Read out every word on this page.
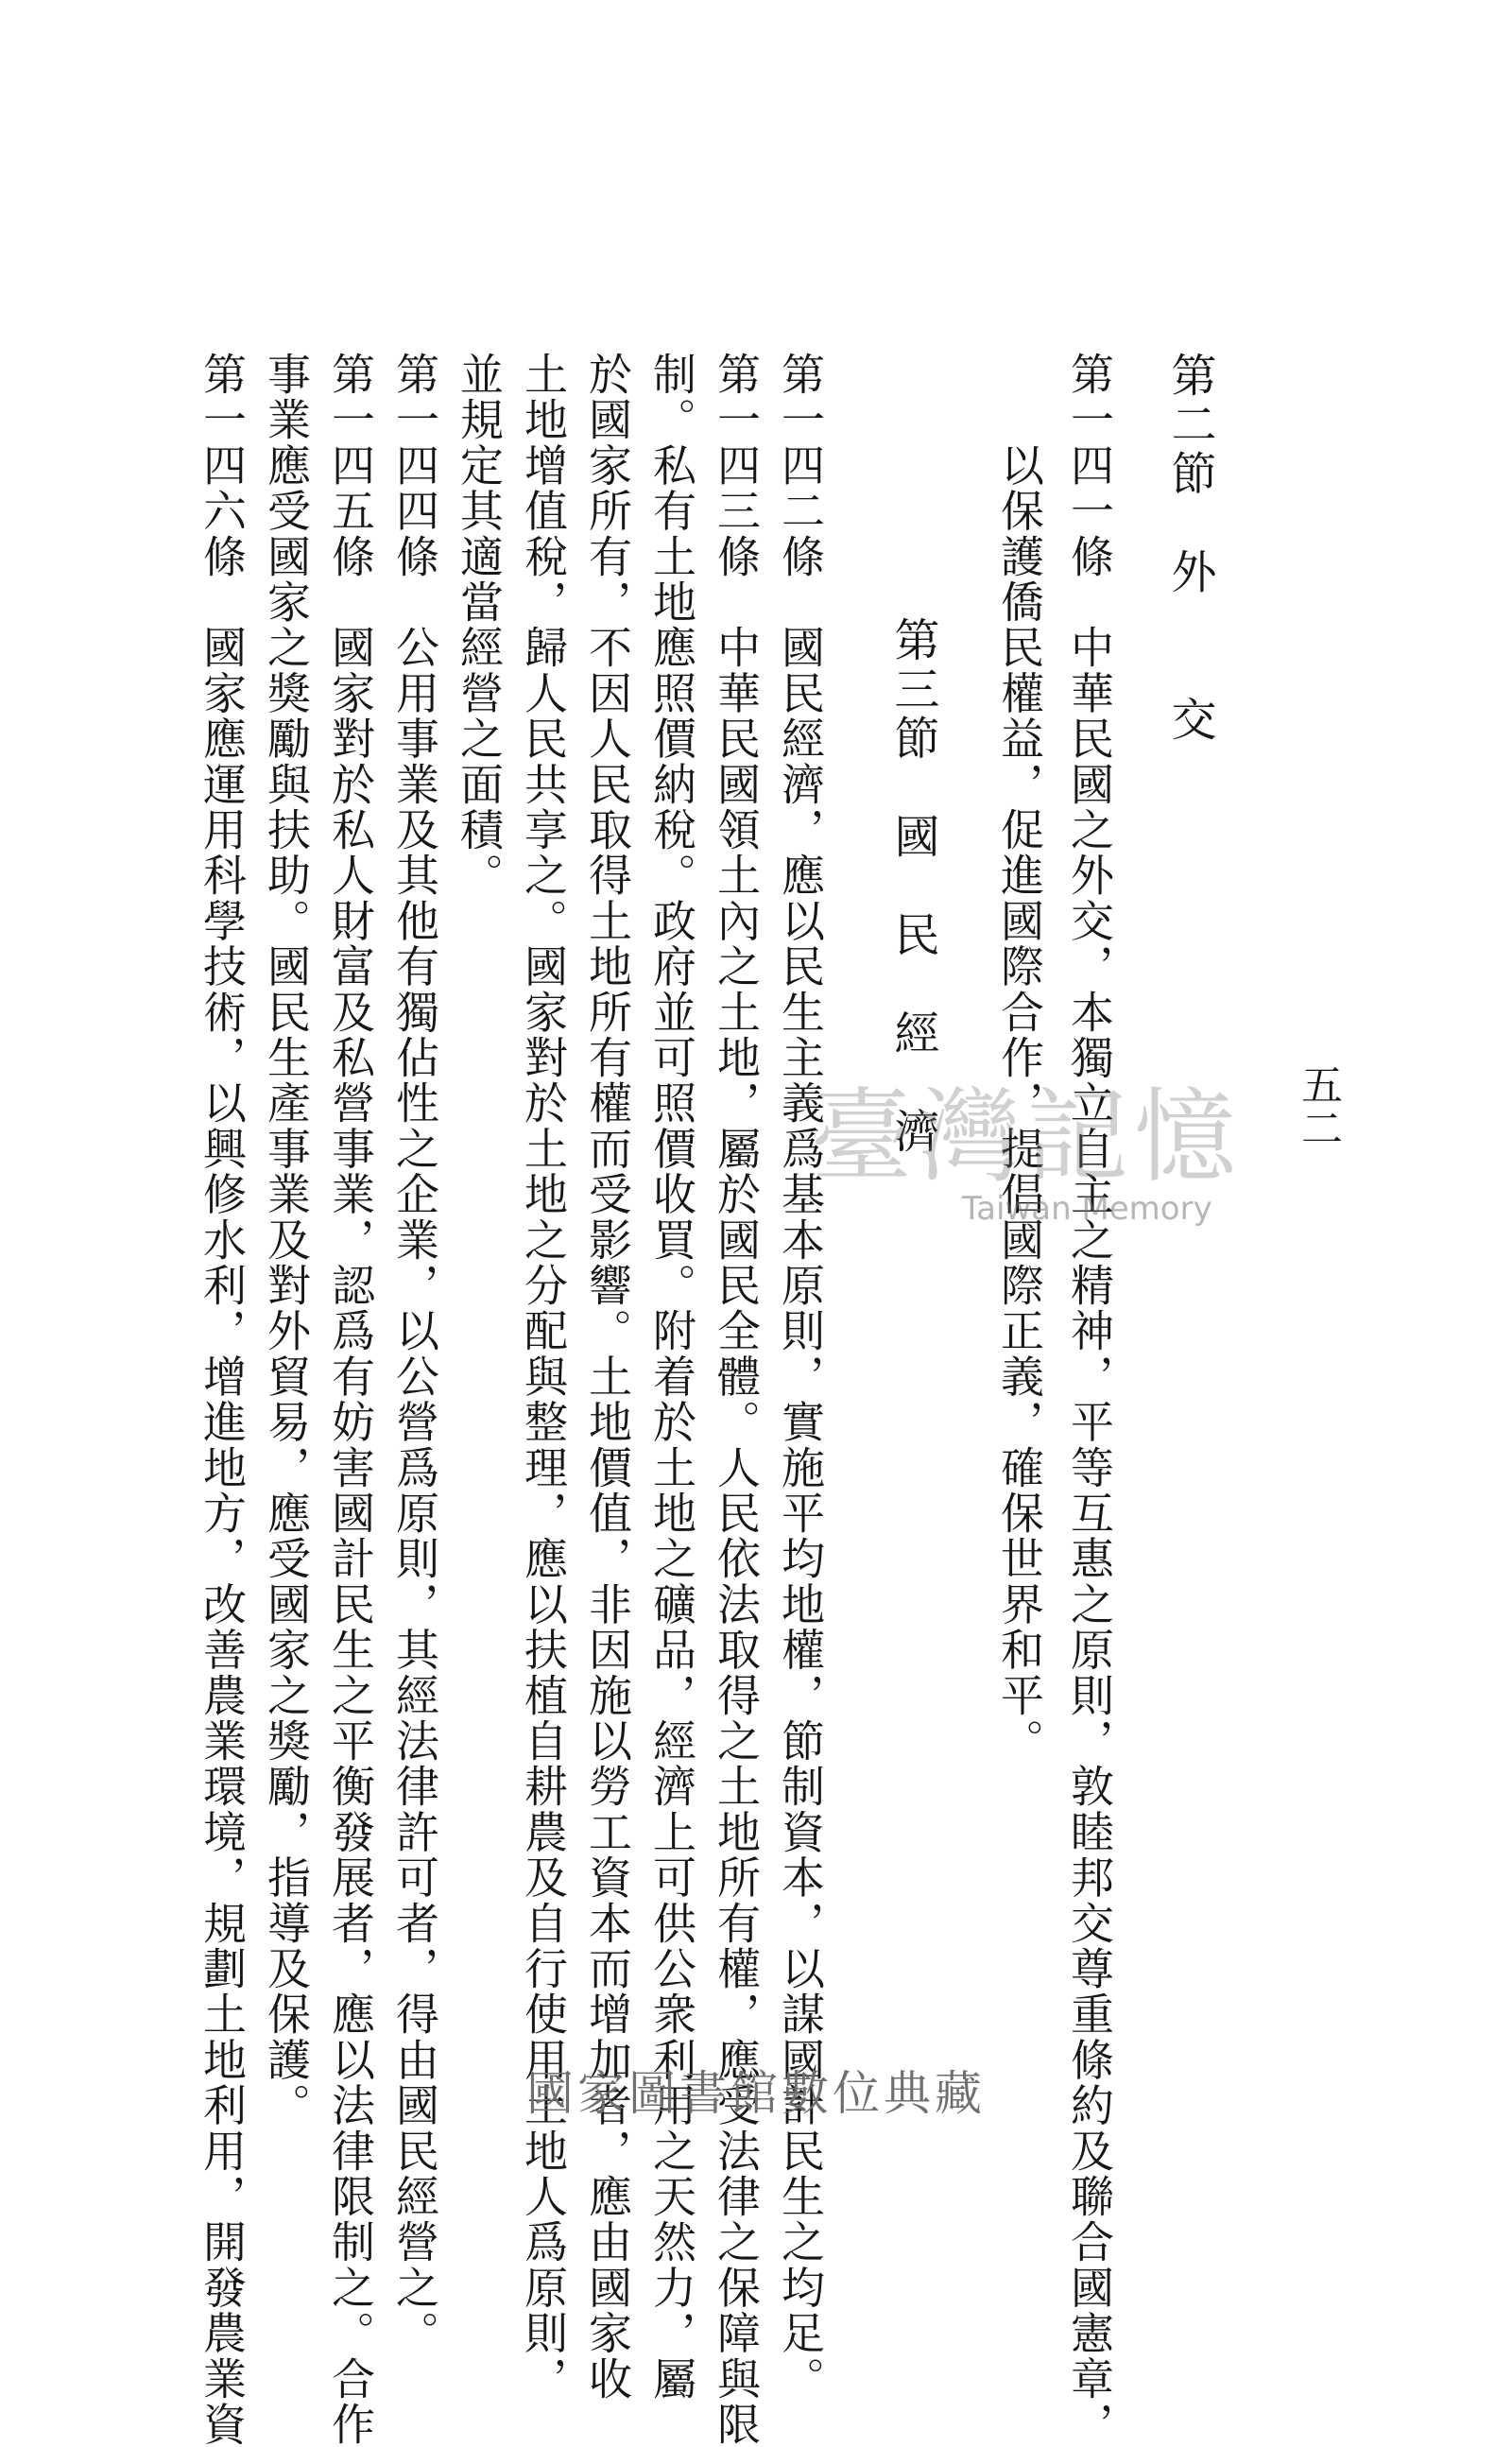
五二
第二節　外　　交
第一四一條　中華民國之外交，本獨立自主之精神，平等互惠之原則，敦睦邦交尊重條約及聯合國憲章，
　　以保護僑民權益，促進國際合作，提倡國際正義，確保世界和平。
第三節　國　民　經　濟
第一四二條　國民經濟，應以民生主義爲基本原則，實施平均地權，節制資本，以謀國計民生之均足。
第一四三條　中華民國領土內之土地，屬於國民全體。人民依法取得之土地所有權，應受法律之保障與限
制。私有土地應照價納稅。政府並可照價收買。附着於土地之礦品，經濟上可供公衆利用之天然力，屬
於國家所有，不因人民取得土地所有權而受影響。土地價值，非因施以勞工資本而增加者，應由國家收
土地增值稅，歸人民共享之。國家對於土地之分配與整理，應以扶植自耕農及自行使用土地人爲原則，
並規定其適當經營之面積。
第一四四條　公用事業及其他有獨佔性之企業，以公營爲原則，其經法律許可者，得由國民經營之。
第一四五條　國家對於私人財富及私營事業，認爲有妨害國計民生之平衡發展者，應以法律限制之。合作
事業應受國家之獎勵與扶助。國民生產事業及對外貿易，應受國家之獎勵，指導及保護。
第一四六條　國家應運用科學技術，以興修水利，增進地方，改善農業環境，規劃土地利用，開發農業資	臺灣記憶
Taiwan Memory
國家圖書館數位典藏
